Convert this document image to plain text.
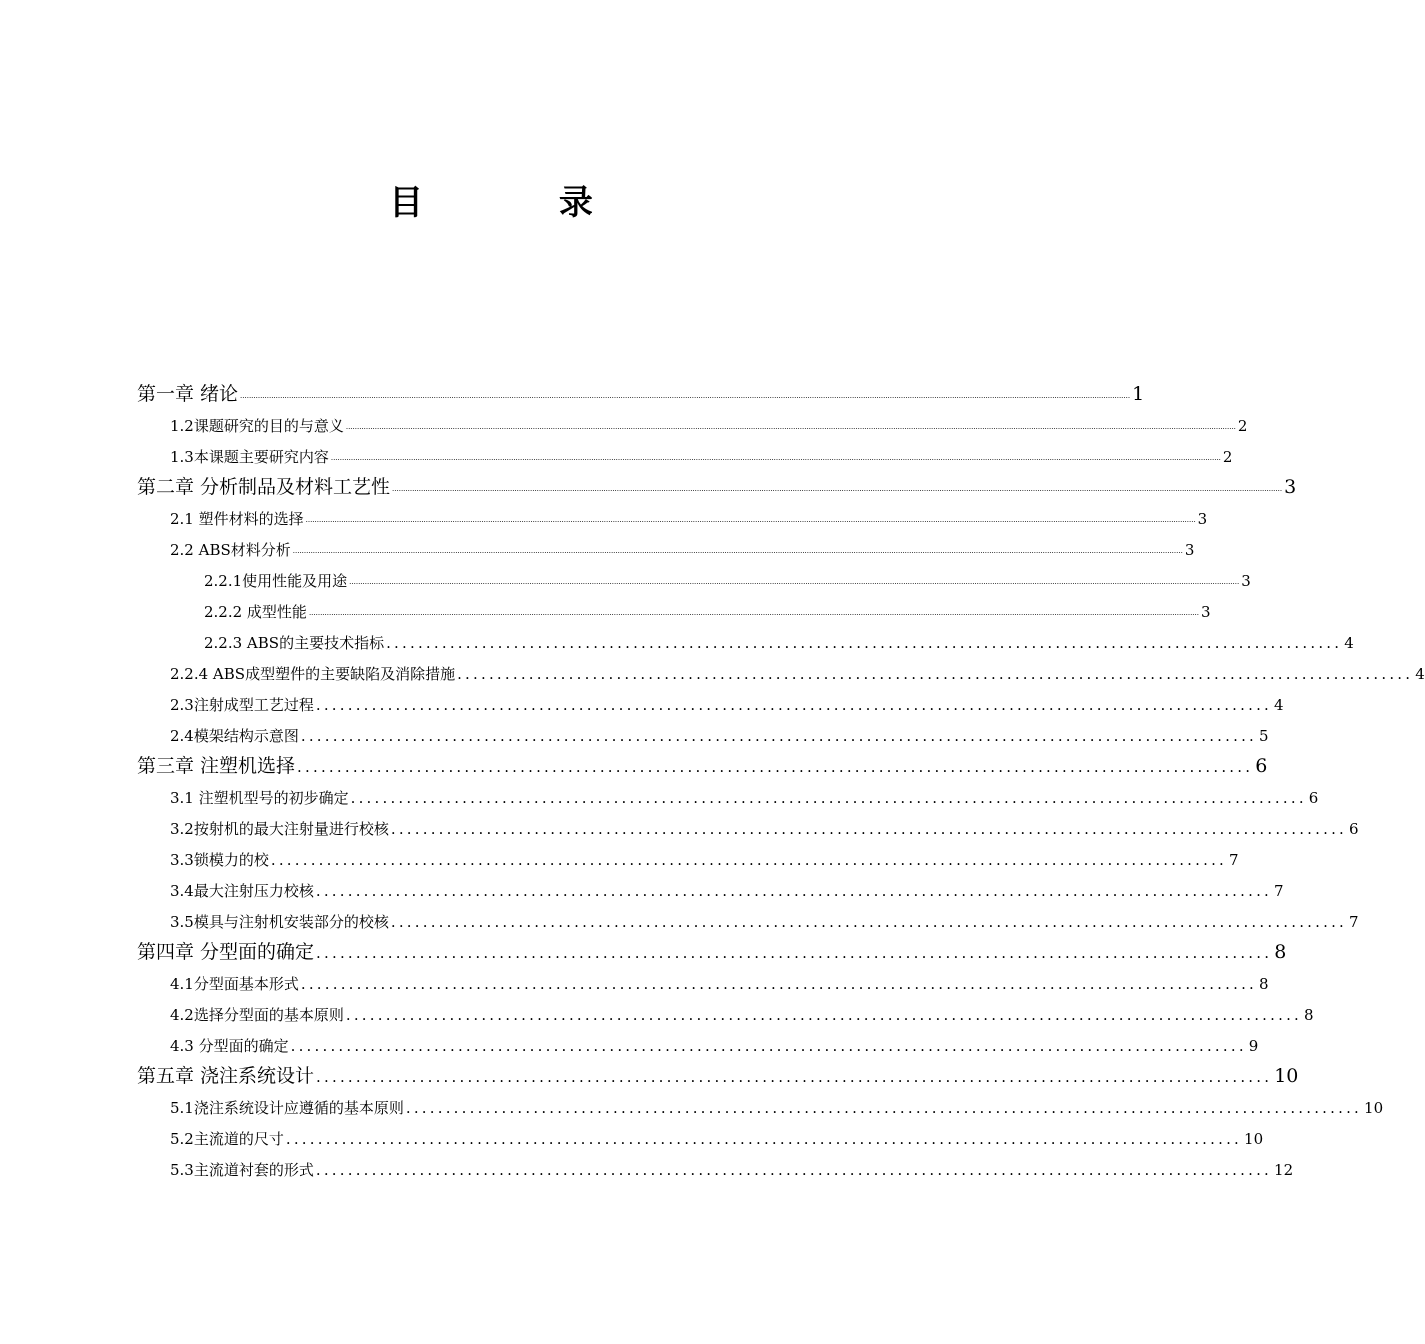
目 录
第一章 绪论 ................................................................................................................................................................................................................................................................................................................................................................................................................ 1
1.2课题研究的目的与意义 ................................................................................................................................................................................................................................................................................................................................................................................................................ 2
1.3本课题主要研究内容 ................................................................................................................................................................................................................................................................................................................................................................................................................ 2
第二章 分析制品及材料工艺性 ................................................................................................................................................................................................................................................................................................................................................................................................................ 3
2.1 塑件材料的选择 ................................................................................................................................................................................................................................................................................................................................................................................................................ 3
2.2 ABS材料分析 ................................................................................................................................................................................................................................................................................................................................................................................................................ 3
2.2.1使用性能及用途 ................................................................................................................................................................................................................................................................................................................................................................................................................ 3
2.2.2 成型性能 ................................................................................................................................................................................................................................................................................................................................................................................................................ 3
2.2.3 ABS的主要技术指标 ........................................................................................................................ 4
2.2.4 ABS成型塑件的主要缺陷及消除措施 ........................................................................................................................ 4
2.3注射成型工艺过程 ........................................................................................................................ 4
2.4模架结构示意图 ........................................................................................................................ 5
第三章 注塑机选择 ........................................................................................................................ 6
3.1 注塑机型号的初步确定 ........................................................................................................................ 6
3.2按射机的最大注射量进行校核 ........................................................................................................................ 6
3.3锁模力的校 ........................................................................................................................ 7
3.4最大注射压力校核 ........................................................................................................................ 7
3.5模具与注射机安装部分的校核 ........................................................................................................................ 7
第四章 分型面的确定 ........................................................................................................................ 8
4.1分型面基本形式 ........................................................................................................................ 8
4.2选择分型面的基本原则 ........................................................................................................................ 8
4.3 分型面的确定 ........................................................................................................................ 9
第五章 浇注系统设计 ........................................................................................................................ 10
5.1浇注系统设计应遵循的基本原则 ........................................................................................................................ 10
5.2主流道的尺寸 ........................................................................................................................ 10
5.3主流道衬套的形式 ........................................................................................................................ 12
